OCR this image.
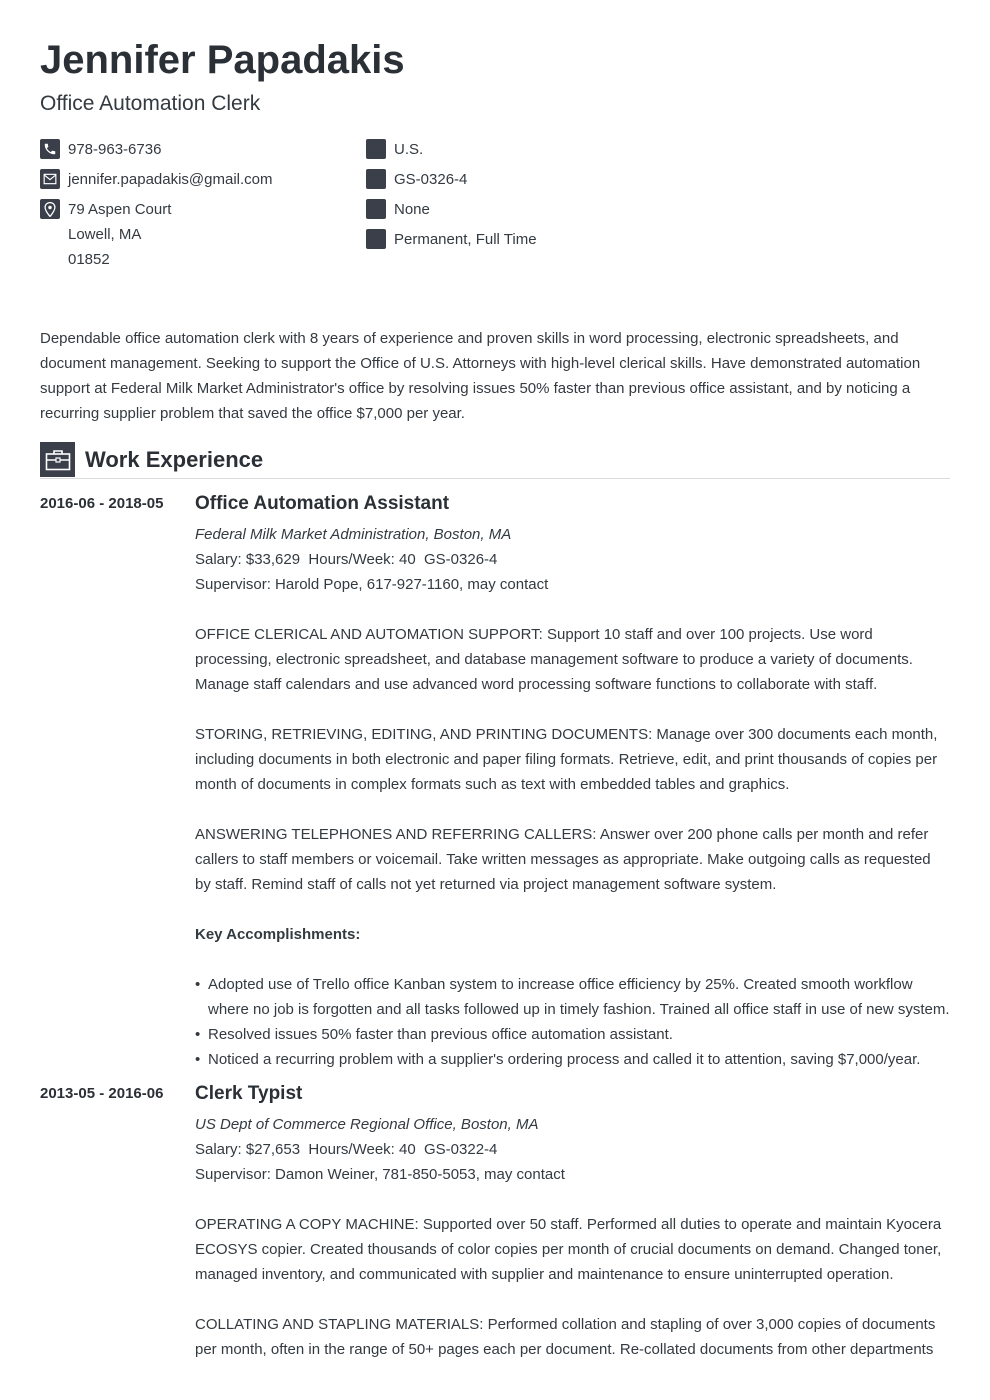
Jennifer Papadakis
Office Automation Clerk
978-963-6736
jennifer.papadakis@gmail.com
79 Aspen Court
Lowell, MA
01852
U.S.
GS-0326-4
None
Permanent, Full Time

Dependable office automation clerk with 8 years of experience and proven skills in word processing, electronic spreadsheets, and document management. Seeking to support the Office of U.S. Attorneys with high-level clerical skills. Have demonstrated automation support at Federal Milk Market Administrator's office by resolving issues 50% faster than previous office assistant, and by noticing a recurring supplier problem that saved the office $7,000 per year.

Work Experience
2016-06 - 2018-05	Office Automation Assistant
Federal Milk Market Administration, Boston, MA
Salary: $33,629  Hours/Week: 40  GS-0326-4
Supervisor: Harold Pope, 617-927-1160, may contact
OFFICE CLERICAL AND AUTOMATION SUPPORT: Support 10 staff and over 100 projects. Use word processing, electronic spreadsheet, and database management software to produce a variety of documents. Manage staff calendars and use advanced word processing software functions to collaborate with staff.
STORING, RETRIEVING, EDITING, AND PRINTING DOCUMENTS: Manage over 300 documents each month, including documents in both electronic and paper filing formats. Retrieve, edit, and print thousands of copies per month of documents in complex formats such as text with embedded tables and graphics.
ANSWERING TELEPHONES AND REFERRING CALLERS: Answer over 200 phone calls per month and refer callers to staff members or voicemail. Take written messages as appropriate. Make outgoing calls as requested by staff. Remind staff of calls not yet returned via project management software system.
Key Accomplishments:
• Adopted use of Trello office Kanban system to increase office efficiency by 25%. Created smooth workflow where no job is forgotten and all tasks followed up in timely fashion. Trained all office staff in use of new system.
• Resolved issues 50% faster than previous office automation assistant.
• Noticed a recurring problem with a supplier's ordering process and called it to attention, saving $7,000/year.
2013-05 - 2016-06	Clerk Typist
US Dept of Commerce Regional Office, Boston, MA
Salary: $27,653  Hours/Week: 40  GS-0322-4
Supervisor: Damon Weiner, 781-850-5053, may contact
OPERATING A COPY MACHINE: Supported over 50 staff. Performed all duties to operate and maintain Kyocera ECOSYS copier. Created thousands of color copies per month of crucial documents on demand. Changed toner, managed inventory, and communicated with supplier and maintenance to ensure uninterrupted operation.
COLLATING AND STAPLING MATERIALS: Performed collation and stapling of over 3,000 copies of documents per month, often in the range of 50+ pages each per document. Re-collated documents from other departments
